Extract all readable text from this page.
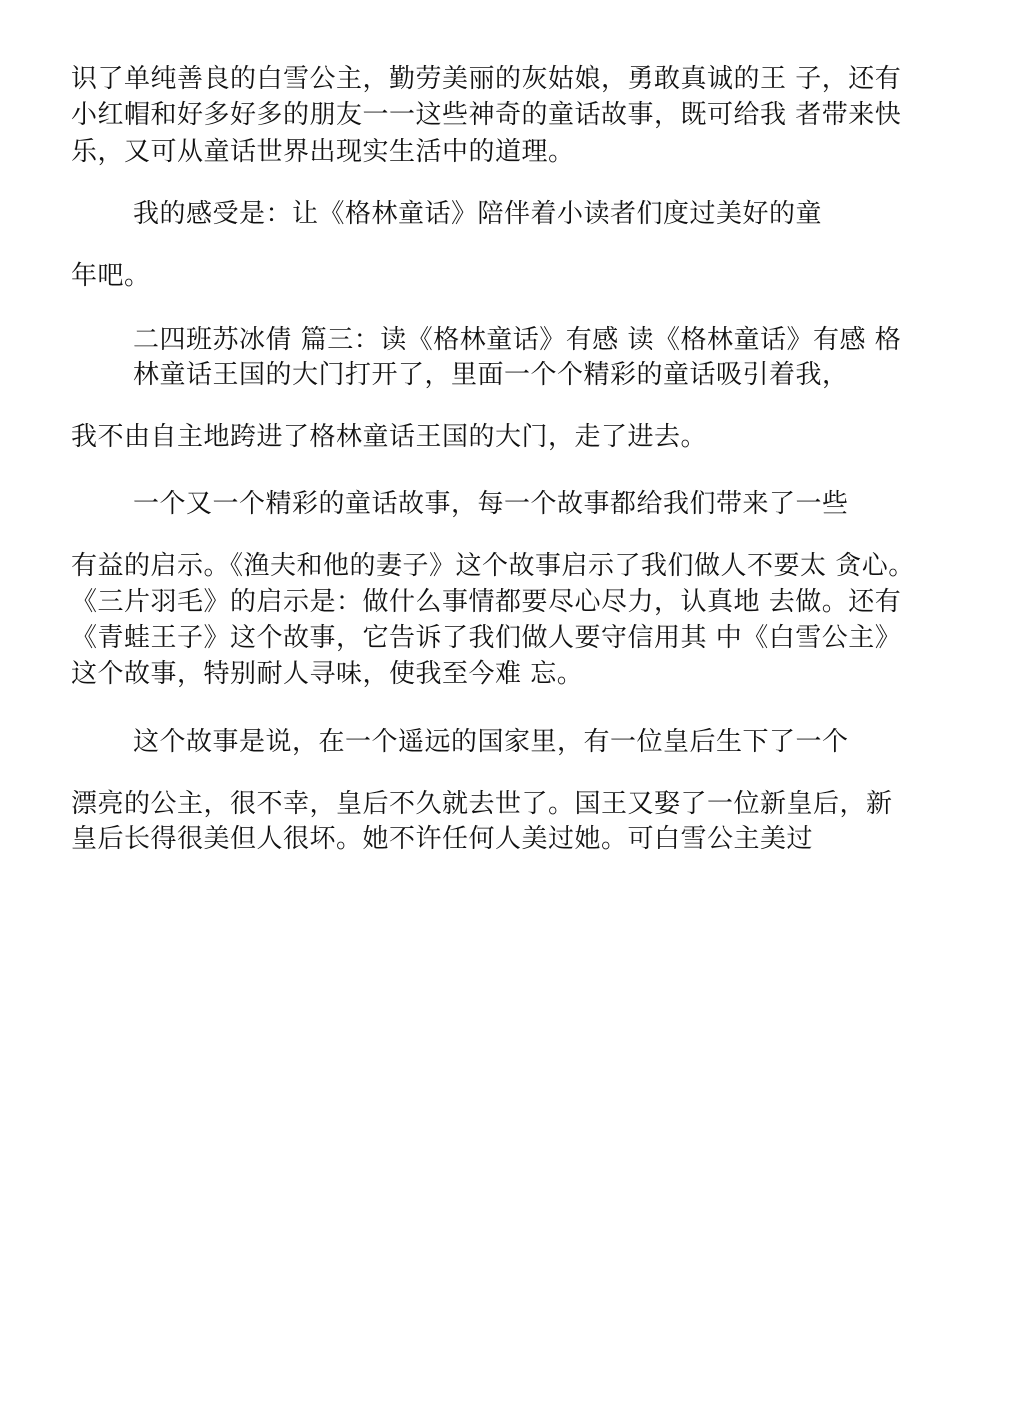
识了单纯善良的白雪公主，勤劳美丽的灰姑娘，勇敢真诚的王 子，还有
小红帽和好多好多的朋友一一这些神奇的童话故事，既可给我 者带来快
乐，又可从童话世界出现实生活中的道理。
我的感受是：让《格林童话》陪伴着小读者们度过美好的童
年吧。
二四班苏冰倩 篇三：读《格林童话》有感 读《格林童话》有感 格
林童话王国的大门打开了，里面一个个精彩的童话吸引着我，
我不由自主地跨进了格林童话王国的大门，走了进去。
一个又一个精彩的童话故事，每一个故事都给我们带来了一些
有益的启示。《渔夫和他的妻子》这个故事启示了我们做人不要太 贪心。
《三片羽毛》的启示是：做什么事情都要尽心尽力，认真地 去做。还有
《青蛙王子》这个故事，它告诉了我们做人要守信用其 中《白雪公主》
这个故事，特别耐人寻味，使我至今难 忘。
这个故事是说，在一个遥远的国家里，有一位皇后生下了一个
漂亮的公主，很不幸，皇后不久就去世了。国王又娶了一位新皇后，新
皇后长得很美但人很坏。她不许任何人美过她。可白雪公主美过
